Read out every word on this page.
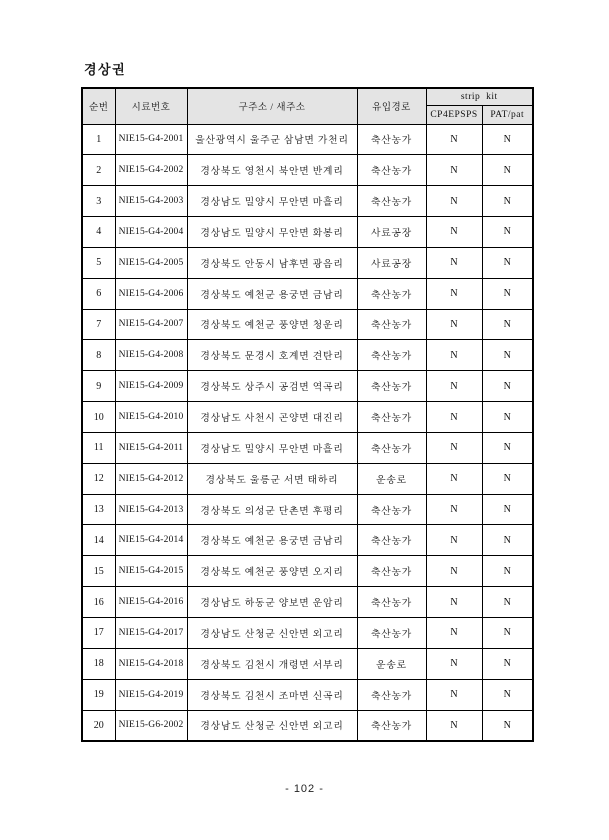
경상권
순번	시료번호	구주소 / 새주소	유입경로	strip kit	
				CP4EPSPS	PAT/pat
1	NIE15-G4-2001	울산광역시 울주군 삼남면 가천리	축산농가	N	N
2	NIE15-G4-2002	경상북도 영천시 북안면 반계리	축산농가	N	N
3	NIE15-G4-2003	경상남도 밀양시 무안면 마흘리	축산농가	N	N
4	NIE15-G4-2004	경상남도 밀양시 무안면 화봉리	사료공장	N	N
5	NIE15-G4-2005	경상북도 안동시 남후면 광음리	사료공장	N	N
6	NIE15-G4-2006	경상북도 예천군 용궁면 금남리	축산농가	N	N
7	NIE15-G4-2007	경상북도 예천군 풍양면 청운리	축산농가	N	N
8	NIE15-G4-2008	경상북도 문경시 호계면 견탄리	축산농가	N	N
9	NIE15-G4-2009	경상북도 상주시 공검면 역곡리	축산농가	N	N
10	NIE15-G4-2010	경상남도 사천시 곤양면 대진리	축산농가	N	N
11	NIE15-G4-2011	경상남도 밀양시 무안면 마흘리	축산농가	N	N
12	NIE15-G4-2012	경상북도 울릉군 서면 태하리	운송로	N	N
13	NIE15-G4-2013	경상북도 의성군 단촌면 후평리	축산농가	N	N
14	NIE15-G4-2014	경상북도 예천군 용궁면 금남리	축산농가	N	N
15	NIE15-G4-2015	경상북도 예천군 풍양면 오지리	축산농가	N	N
16	NIE15-G4-2016	경상남도 하동군 양보면 운암리	축산농가	N	N
17	NIE15-G4-2017	경상남도 산청군 신안면 외고리	축산농가	N	N
18	NIE15-G4-2018	경상북도 김천시 개령면 서부리	운송로	N	N
19	NIE15-G4-2019	경상북도 김천시 조마면 신곡리	축산농가	N	N
20	NIE15-G6-2002	경상남도 산청군 신안면 외고리	축산농가	N	N
- 102 -
